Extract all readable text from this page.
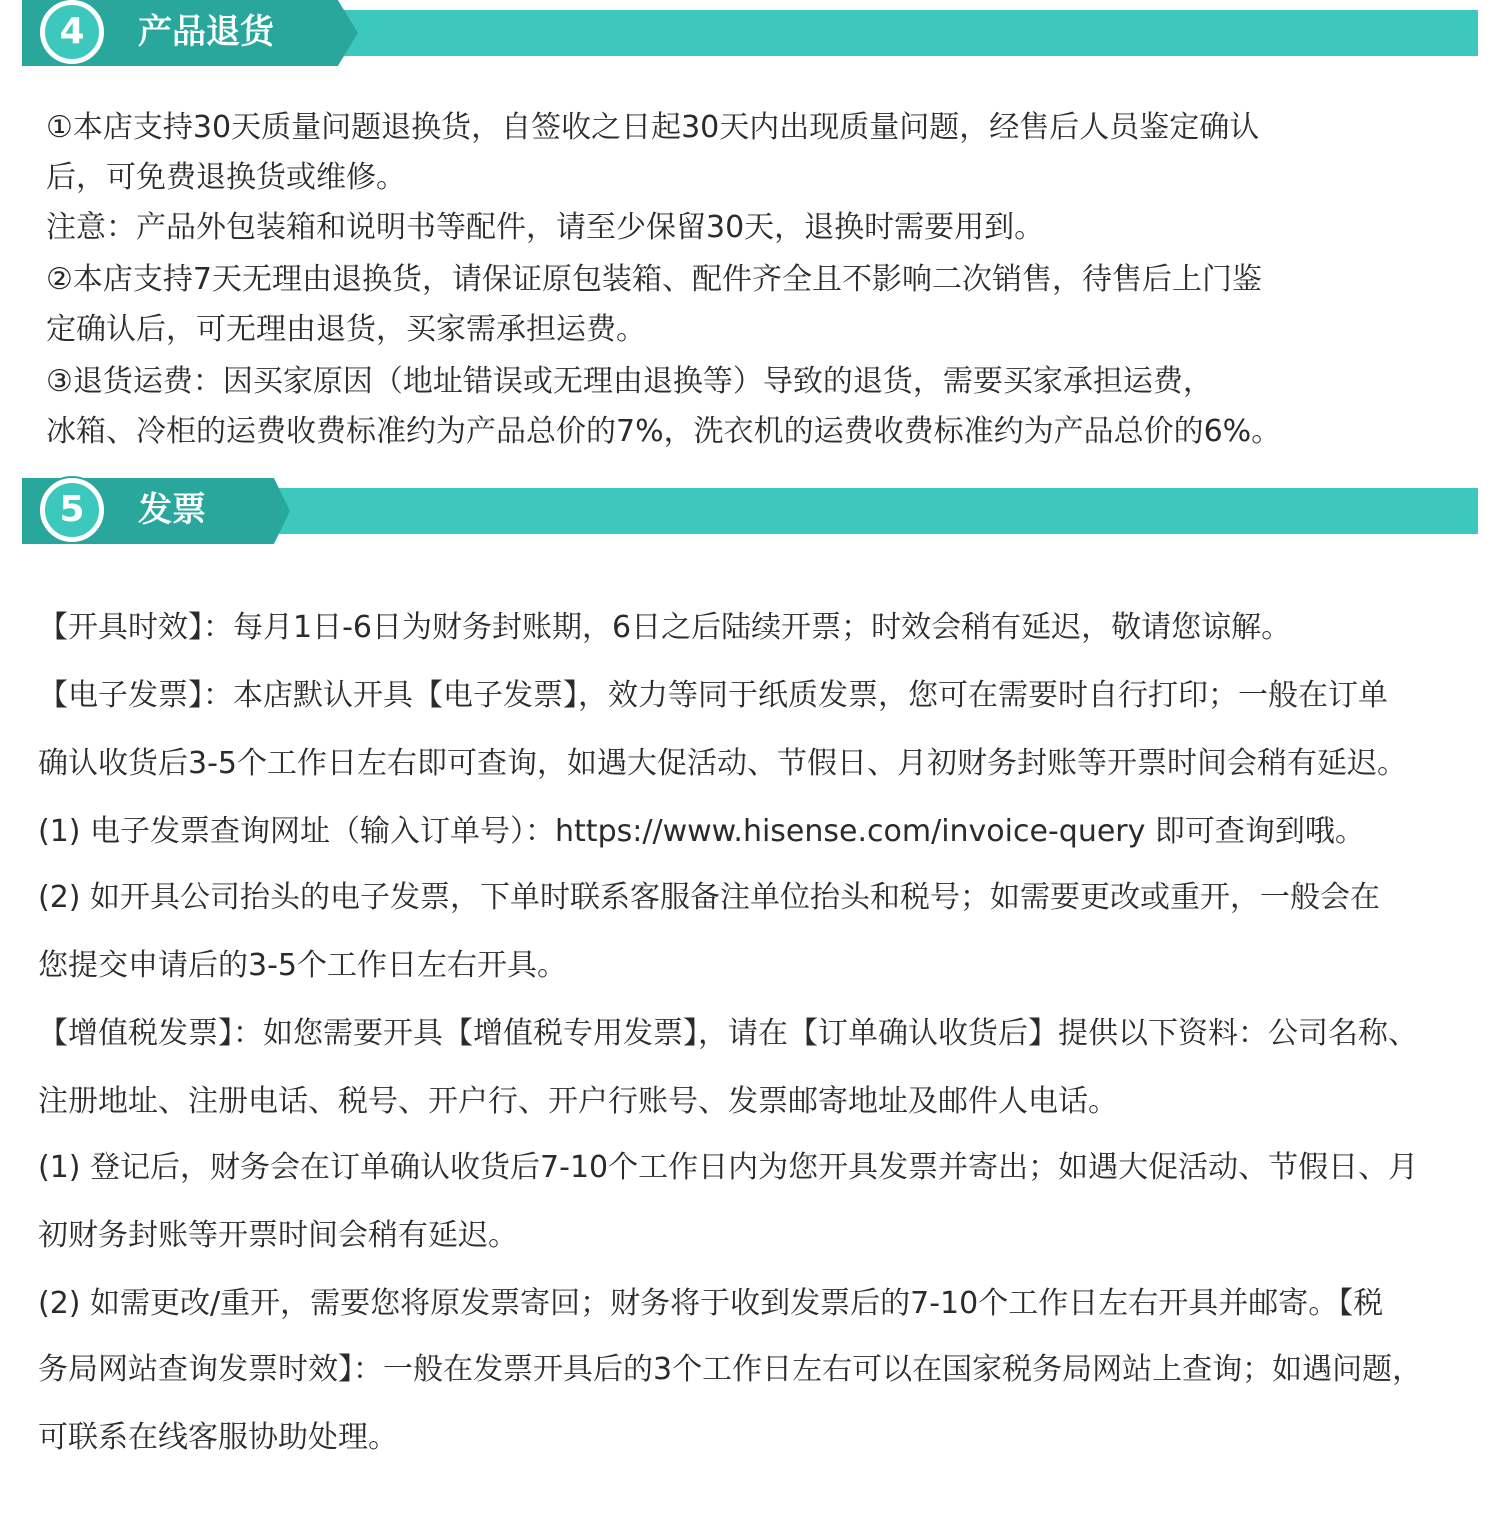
4	产品退货

①本店支持30天质量问题退换货，自签收之日起30天内出现质量问题，经售后人员鉴定确认

后，可免费退换货或维修。

注意：产品外包装箱和说明书等配件，请至少保留30天，退换时需要用到。

②本店支持7天无理由退换货，请保证原包装箱、配件齐全且不影响二次销售，待售后上门鉴

定确认后，可无理由退货，买家需承担运费。

③退货运费：因买家原因（地址错误或无理由退换等）导致的退货，需要买家承担运费，

冰箱、冷柜的运费收费标准约为产品总价的7%，洗衣机的运费收费标准约为产品总价的6%。

5	发票

【开具时效】：每月1日-6日为财务封账期，6日之后陆续开票；时效会稍有延迟，敬请您谅解。

【电子发票】：本店默认开具【电子发票】，效力等同于纸质发票，您可在需要时自行打印；一般在订单

确认收货后3-5个工作日左右即可查询，如遇大促活动、节假日、月初财务封账等开票时间会稍有延迟。

(1) 电子发票查询网址（输入订单号）：https://www.hisense.com/invoice-query 即可查询到哦。

(2) 如开具公司抬头的电子发票，下单时联系客服备注单位抬头和税号；如需要更改或重开，一般会在

您提交申请后的3-5个工作日左右开具。

【增值税发票】：如您需要开具【增值税专用发票】，请在【订单确认收货后】提供以下资料：公司名称、

注册地址、注册电话、税号、开户行、开户行账号、发票邮寄地址及邮件人电话。

(1) 登记后，财务会在订单确认收货后7-10个工作日内为您开具发票并寄出；如遇大促活动、节假日、月

初财务封账等开票时间会稍有延迟。

(2) 如需更改/重开，需要您将原发票寄回；财务将于收到发票后的7-10个工作日左右开具并邮寄。【税

务局网站查询发票时效】：一般在发票开具后的3个工作日左右可以在国家税务局网站上查询；如遇问题，

可联系在线客服协助处理。
